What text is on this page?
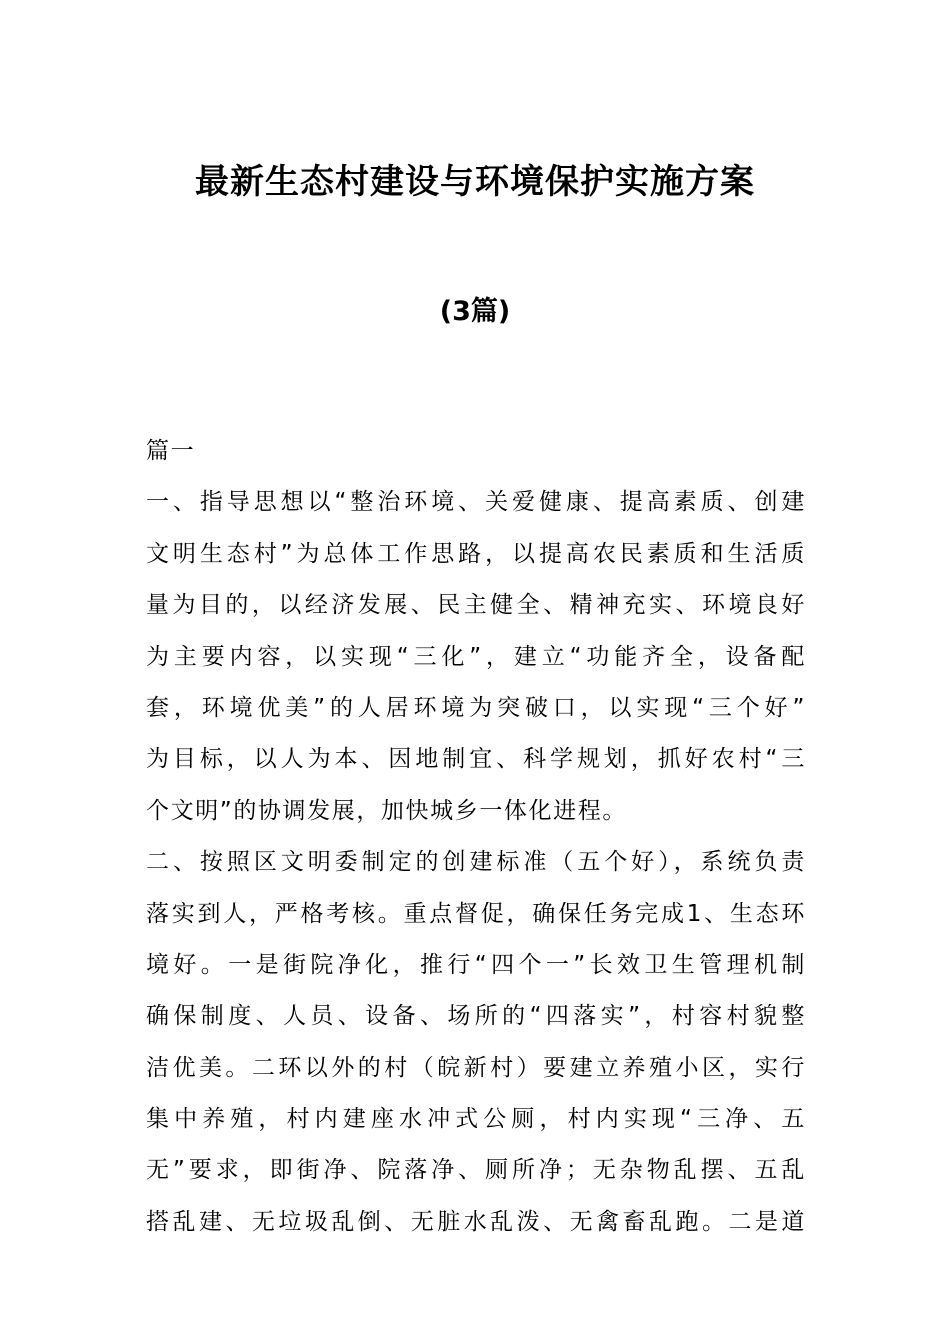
最新生态村建设与环境保护实施方案
(3篇)
篇一
一、指导思想以“整治环境、关爱健康、提高素质、创建
文明生态村”为总体工作思路，以提高农民素质和生活质
量为目的，以经济发展、民主健全、精神充实、环境良好
为主要内容，以实现“三化”，建立“功能齐全，设备配
套，环境优美”的人居环境为突破口，以实现“三个好”
为目标，以人为本、因地制宜、科学规划，抓好农村“三
个文明”的协调发展，加快城乡一体化进程。
二、按照区文明委制定的创建标准（五个好），系统负责
落实到人，严格考核。重点督促，确保任务完成1、生态环
境好。一是街院净化，推行“四个一”长效卫生管理机制
确保制度、人员、设备、场所的“四落实”，村容村貌整
洁优美。二环以外的村（皖新村）要建立养殖小区，实行
集中养殖，村内建座水冲式公厕，村内实现“三净、五
无”要求，即街净、院落净、厕所净；无杂物乱摆、五乱
搭乱建、无垃圾乱倒、无脏水乱泼、无禽畜乱跑。二是道
